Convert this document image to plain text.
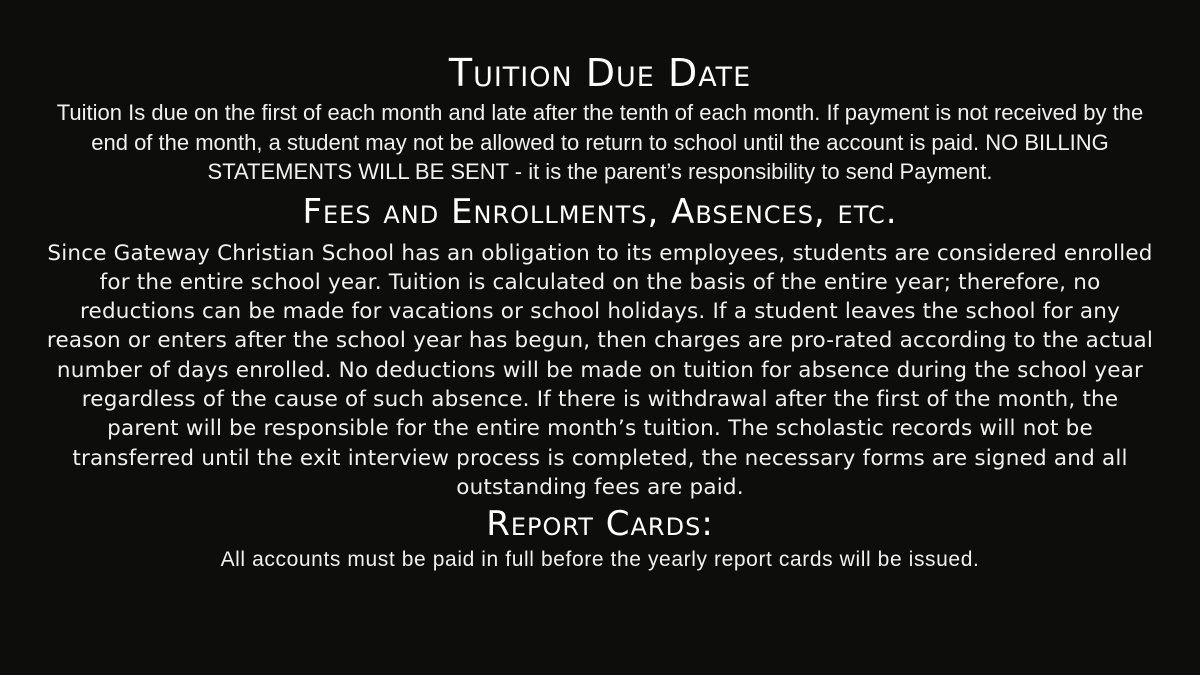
Tuition Due Date

Tuition Is due on the first of each month and late after the tenth of each month. If payment is not received by the end of the month, a student may not be allowed to return to school until the account is paid. NO BILLING STATEMENTS WILL BE SENT - it is the parent’s responsibility to send Payment.

Fees and Enrollments, Absences, etc.

Since Gateway Christian School has an obligation to its employees, students are considered enrolled for the entire school year. Tuition is calculated on the basis of the entire year; therefore, no reductions can be made for vacations or school holidays. If a student leaves the school for any reason or enters after the school year has begun, then charges are pro-rated according to the actual number of days enrolled. No deductions will be made on tuition for absence during the school year regardless of the cause of such absence. If there is withdrawal after the first of the month, the parent will be responsible for the entire month’s tuition. The scholastic records will not be transferred until the exit interview process is completed, the necessary forms are signed and all outstanding fees are paid.

Report Cards:

All accounts must be paid in full before the yearly report cards will be issued.
